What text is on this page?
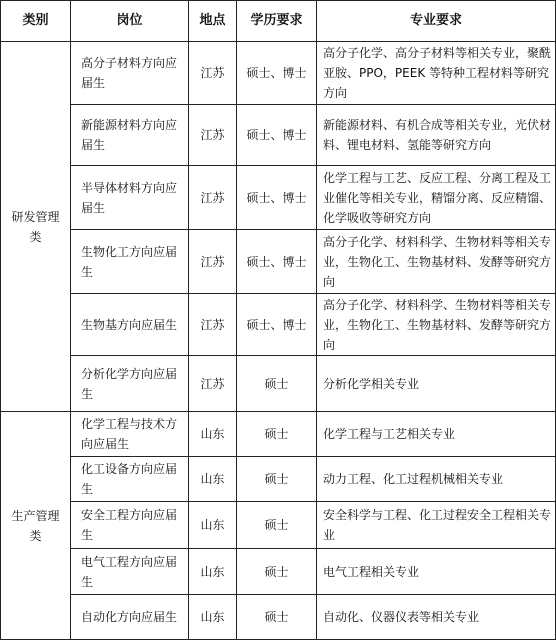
类别	岗位	地点	学历要求	专业要求
研发管理类	高分子材料方向应届生	江苏	硕士、博士	高分子化学、高分子材料等相关专业，聚酰亚胺、PPO，PEEK 等特种工程材料等研究方向
	新能源材料方向应届生	江苏	硕士、博士	新能源材料、有机合成等相关专业，光伏材料、锂电材料、氢能等研究方向
	半导体材料方向应届生	江苏	硕士、博士	化学工程与工艺、反应工程、分离工程及工业催化等相关专业，精馏分离、反应精馏、化学吸收等研究方向
	生物化工方向应届生	江苏	硕士、博士	高分子化学、材料科学、生物材料等相关专业，生物化工、生物基材料、发酵等研究方向
	生物基方向应届生	江苏	硕士、博士	高分子化学、材料科学、生物材料等相关专业，生物化工、生物基材料、发酵等研究方向
	分析化学方向应届生	江苏	硕士	分析化学相关专业
生产管理类	化学工程与技术方向应届生	山东	硕士	化学工程与工艺相关专业
	化工设备方向应届生	山东	硕士	动力工程、化工过程机械相关专业
	安全工程方向应届生	山东	硕士	安全科学与工程、化工过程安全工程相关专业
	电气工程方向应届生	山东	硕士	电气工程相关专业
	自动化方向应届生	山东	硕士	自动化、仪器仪表等相关专业
